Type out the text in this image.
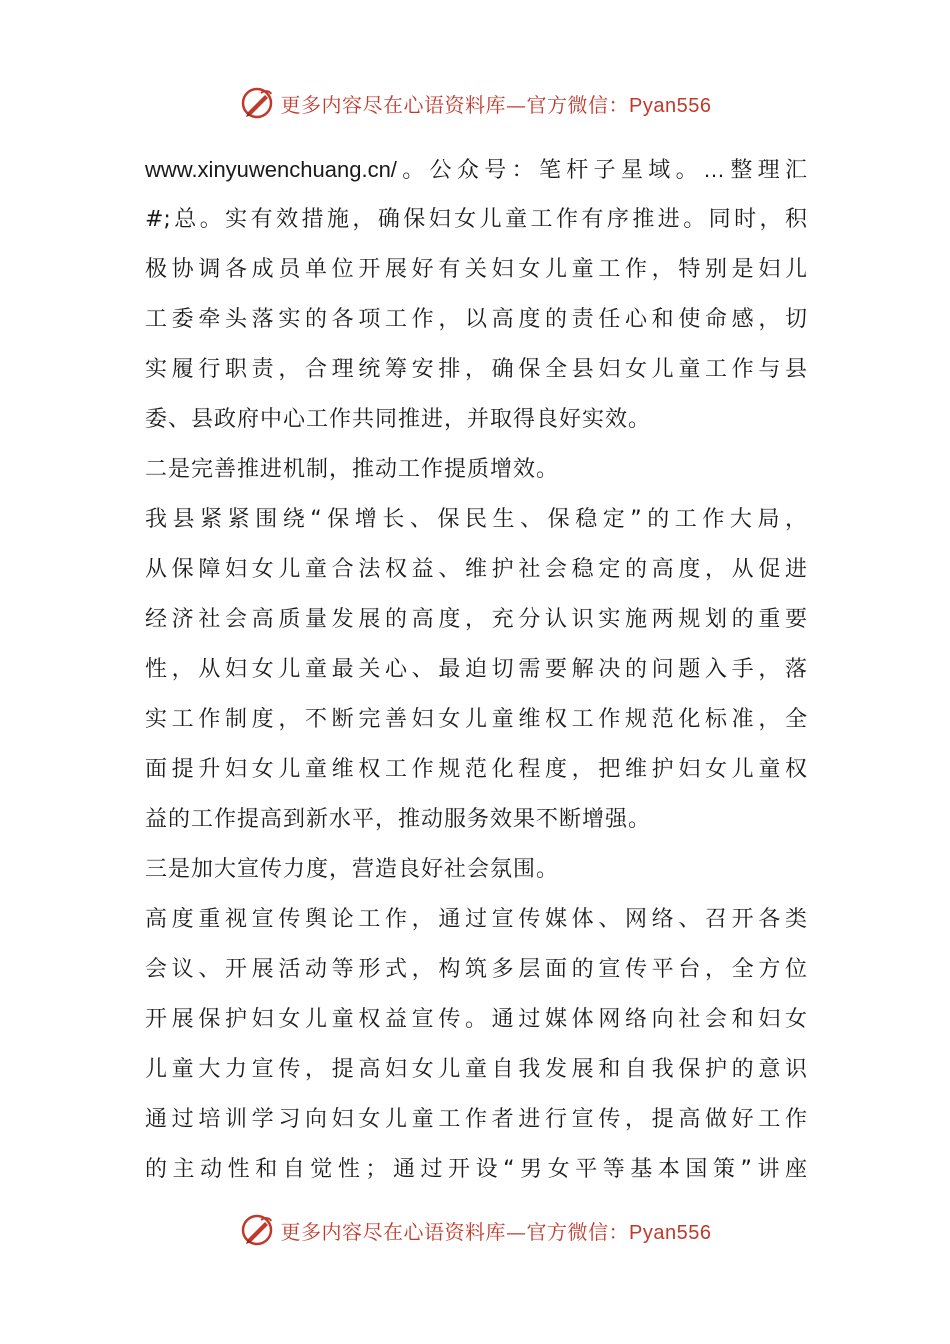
更多内容尽在心语资料库—官方微信：Pyan556
www.xinyuwenchuang.cn/。公众号：笔杆子星域。…整理汇
#;总。实有效措施，确保妇女儿童工作有序推进。同时，积
极协调各成员单位开展好有关妇女儿童工作，特别是妇儿
工委牵头落实的各项工作，以高度的责任心和使命感，切
实履行职责，合理统筹安排，确保全县妇女儿童工作与县
委、县政府中心工作共同推进，并取得良好实效。
二是完善推进机制，推动工作提质增效。
我县紧紧围绕“保增长、保民生、保稳定”的工作大局，
从保障妇女儿童合法权益、维护社会稳定的高度，从促进
经济社会高质量发展的高度，充分认识实施两规划的重要
性，从妇女儿童最关心、最迫切需要解决的问题入手，落
实工作制度，不断完善妇女儿童维权工作规范化标准，全
面提升妇女儿童维权工作规范化程度，把维护妇女儿童权
益的工作提高到新水平，推动服务效果不断增强。
三是加大宣传力度，营造良好社会氛围。
高度重视宣传舆论工作，通过宣传媒体、网络、召开各类
会议、开展活动等形式，构筑多层面的宣传平台，全方位
开展保护妇女儿童权益宣传。通过媒体网络向社会和妇女
儿童大力宣传，提高妇女儿童自我发展和自我保护的意识
通过培训学习向妇女儿童工作者进行宣传，提高做好工作
的主动性和自觉性；通过开设“男女平等基本国策”讲座
更多内容尽在心语资料库—官方微信：Pyan556
